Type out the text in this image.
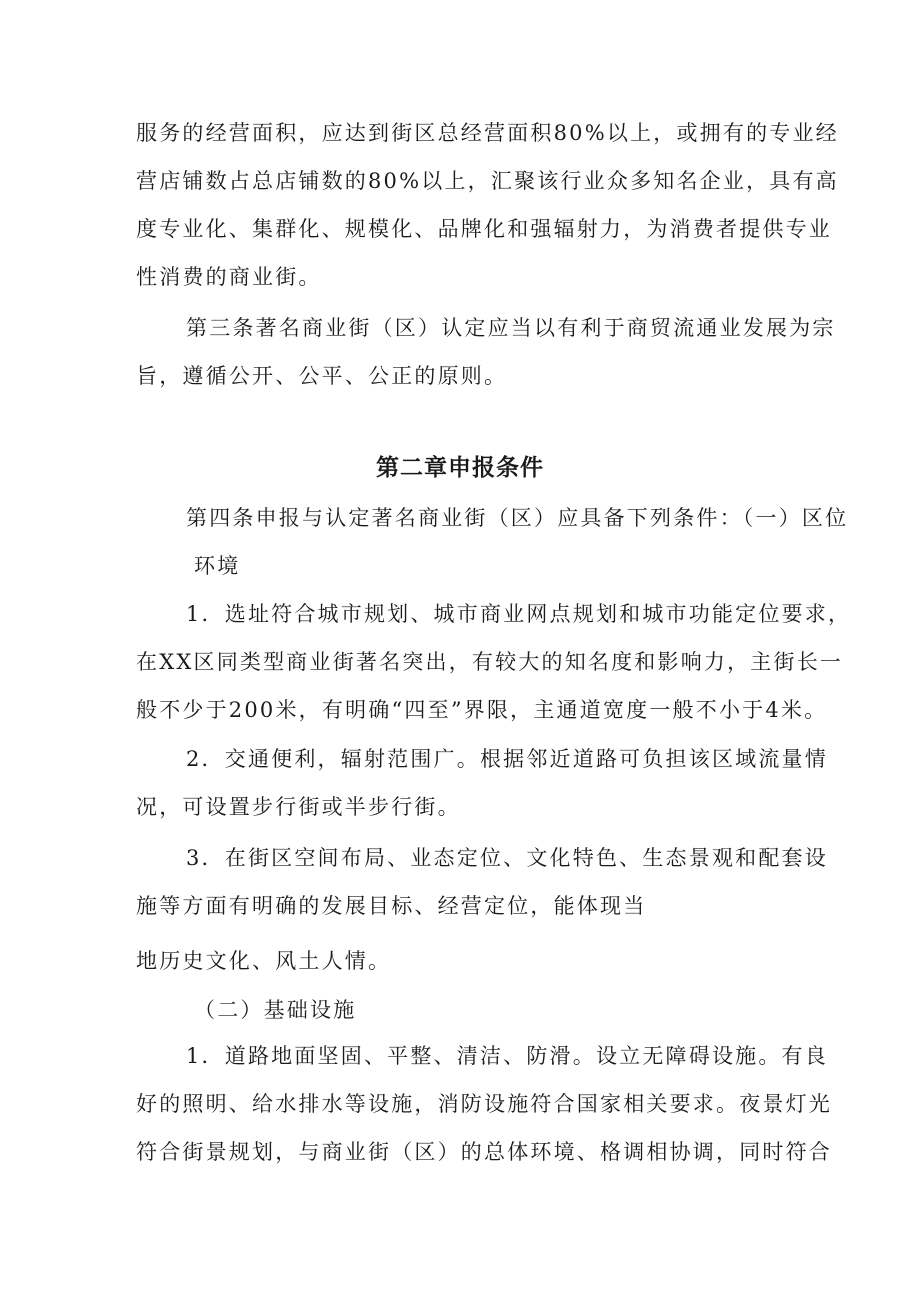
服务的经营面积，应达到街区总经营面积80%以上，或拥有的专业经
营店铺数占总店铺数的80%以上，汇聚该行业众多知名企业，具有高
度专业化、集群化、规模化、品牌化和强辐射力，为消费者提供专业
性消费的商业街。
第三条著名商业街（区）认定应当以有利于商贸流通业发展为宗
旨，遵循公开、公平、公正的原则。
第二章申报条件
第四条申报与认定著名商业街（区）应具备下列条件：（一）区位
环境
1．选址符合城市规划、城市商业网点规划和城市功能定位要求，
在XX区同类型商业街著名突出，有较大的知名度和影响力，主街长一
般不少于200米，有明确“四至”界限，主通道宽度一般不小于4米。
2．交通便利，辐射范围广。根据邻近道路可负担该区域流量情
况，可设置步行街或半步行街。
3．在街区空间布局、业态定位、文化特色、生态景观和配套设
施等方面有明确的发展目标、经营定位，能体现当
地历史文化、风土人情。
（二）基础设施
1．道路地面坚固、平整、清洁、防滑。设立无障碍设施。有良
好的照明、给水排水等设施，消防设施符合国家相关要求。夜景灯光
符合街景规划，与商业街（区）的总体环境、格调相协调，同时符合
